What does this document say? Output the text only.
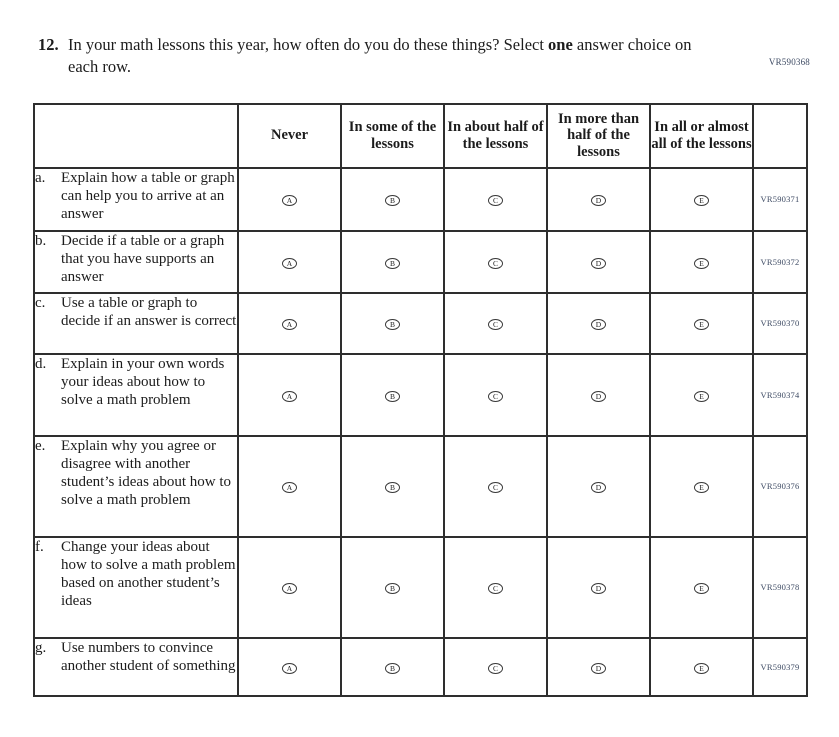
VR590368
12. In your math lessons this year, how often do you do these things? Select one answer choice on each row.

	Never	In some of the lessons	In about half of the lessons	In more than half of the lessons	In all or almost all of the lessons	

a. Explain how a table or graph can help you to arrive at an answer	A	B	C	D	E	VR590371

b. Decide if a table or a graph that you have supports an answer	A	B	C	D	E	VR590372

c. Use a table or graph to decide if an answer is correct	A	B	C	D	E	VR590370

d. Explain in your own words your ideas about how to solve a math problem	A	B	C	D	E	VR590374

e. Explain why you agree or disagree with another student’s ideas about how to solve a math problem	A	B	C	D	E	VR590376

f. Change your ideas about how to solve a math problem based on another student’s ideas	A	B	C	D	E	VR590378

g. Use numbers to convince another student of something	A	B	C	D	E	VR590379
